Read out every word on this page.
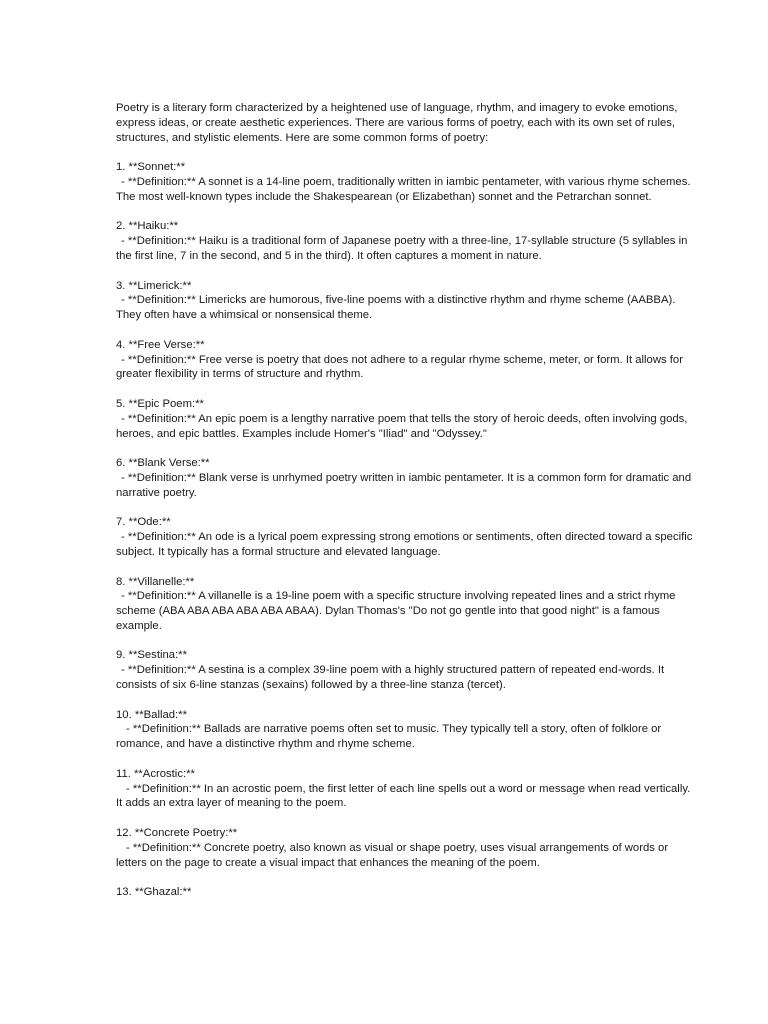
Poetry is a literary form characterized by a heightened use of language, rhythm, and imagery to evoke emotions, express ideas, or create aesthetic experiences. There are various forms of poetry, each with its own set of rules, structures, and stylistic elements. Here are some common forms of poetry:

1. **Sonnet:**

- **Definition:** A sonnet is a 14-line poem, traditionally written in iambic pentameter, with various rhyme schemes. The most well-known types include the Shakespearean (or Elizabethan) sonnet and the Petrarchan sonnet.

2. **Haiku:**

- **Definition:** Haiku is a traditional form of Japanese poetry with a three-line, 17-syllable structure (5 syllables in the first line, 7 in the second, and 5 in the third). It often captures a moment in nature.

3. **Limerick:**

- **Definition:** Limericks are humorous, five-line poems with a distinctive rhythm and rhyme scheme (AABBA). They often have a whimsical or nonsensical theme.

4. **Free Verse:**

- **Definition:** Free verse is poetry that does not adhere to a regular rhyme scheme, meter, or form. It allows for greater flexibility in terms of structure and rhythm.

5. **Epic Poem:**

- **Definition:** An epic poem is a lengthy narrative poem that tells the story of heroic deeds, often involving gods, heroes, and epic battles. Examples include Homer's "Iliad" and "Odyssey."

6. **Blank Verse:**

- **Definition:** Blank verse is unrhymed poetry written in iambic pentameter. It is a common form for dramatic and narrative poetry.

7. **Ode:**

- **Definition:** An ode is a lyrical poem expressing strong emotions or sentiments, often directed toward a specific subject. It typically has a formal structure and elevated language.

8. **Villanelle:**

- **Definition:** A villanelle is a 19-line poem with a specific structure involving repeated lines and a strict rhyme scheme (ABA ABA ABA ABA ABA ABAA). Dylan Thomas's "Do not go gentle into that good night" is a famous example.

9. **Sestina:**

- **Definition:** A sestina is a complex 39-line poem with a highly structured pattern of repeated end-words. It consists of six 6-line stanzas (sexains) followed by a three-line stanza (tercet).

10. **Ballad:**

- **Definition:** Ballads are narrative poems often set to music. They typically tell a story, often of folklore or romance, and have a distinctive rhythm and rhyme scheme.

11. **Acrostic:**

- **Definition:** In an acrostic poem, the first letter of each line spells out a word or message when read vertically. It adds an extra layer of meaning to the poem.

12. **Concrete Poetry:**

- **Definition:** Concrete poetry, also known as visual or shape poetry, uses visual arrangements of words or letters on the page to create a visual impact that enhances the meaning of the poem.

13. **Ghazal:**
